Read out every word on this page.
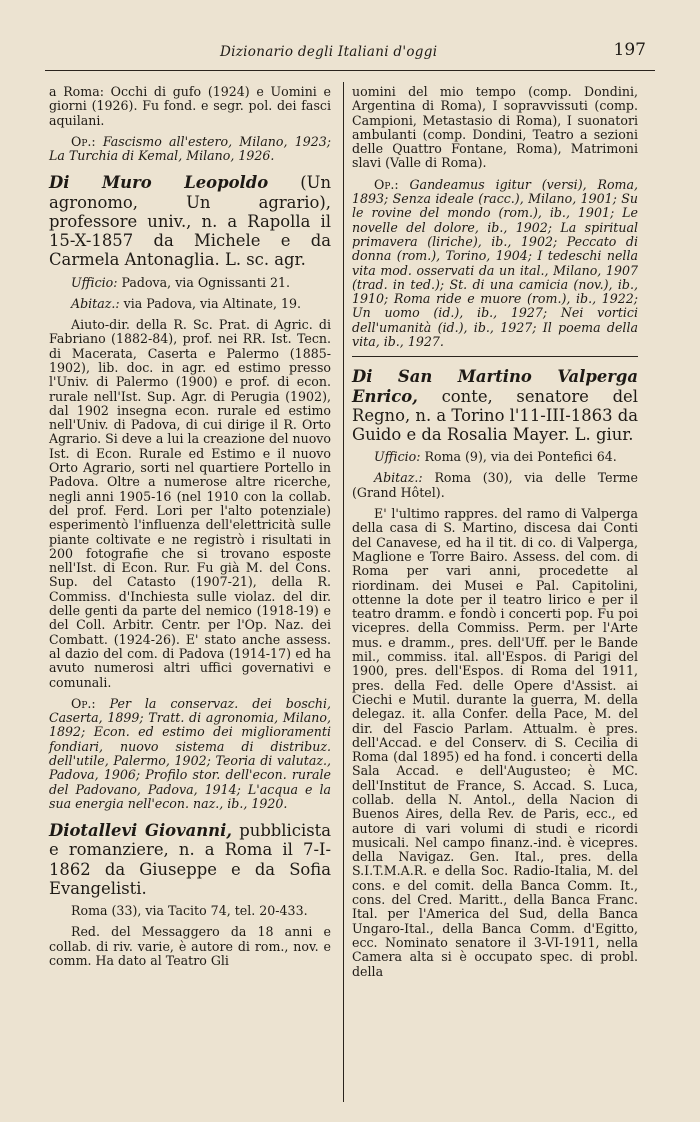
Dizionario degli Italiani d'oggi	197

a Roma: Occhi di gufo (1924) e Uomini e giorni (1926). Fu fond. e segr. pol. dei fasci aquilani.

Op.: Fascismo all'estero, Milano, 1923; La Turchia di Kemal, Milano, 1926.

Di Muro Leopoldo (Un agronomo, Un agrario), professore univ., n. a Rapolla il 15-X-1857 da Michele e da Carmela Antonaglia. L. sc. agr.

Ufficio: Padova, via Ognissanti 21.

Abitaz.: via Padova, via Altinate, 19.

Aiuto-dir. della R. Sc. Prat. di Agric. di Fabriano (1882-84), prof. nei RR. Ist. Tecn. di Macerata, Caserta e Palermo (1885-1902), lib. doc. in agr. ed estimo presso l'Univ. di Palermo (1900) e prof. di econ. rurale nell'Ist. Sup. Agr. di Perugia (1902), dal 1902 insegna econ. rurale ed estimo nell'Univ. di Padova, di cui dirige il R. Orto Agrario. Si deve a lui la creazione del nuovo Ist. di Econ. Rurale ed Estimo e il nuovo Orto Agrario, sorti nel quartiere Portello in Padova. Oltre a numerose altre ricerche, negli anni 1905-16 (nel 1910 con la collab. del prof. Ferd. Lori per l'alto potenziale) esperimentò l'influenza dell'elettricità sulle piante coltivate e ne registrò i risultati in 200 fotografie che si trovano esposte nell'Ist. di Econ. Rur. Fu già M. del Cons. Sup. del Catasto (1907-21), della R. Commiss. d'Inchiesta sulle violaz. del dir. delle genti da parte del nemico (1918-19) e del Coll. Arbitr. Centr. per l'Op. Naz. dei Combatt. (1924-26). E' stato anche assess. al dazio del com. di Padova (1914-17) ed ha avuto numerosi altri uffici governativi e comunali.

Op.: Per la conservaz. dei boschi, Caserta, 1899; Tratt. di agronomia, Milano, 1892; Econ. ed estimo dei miglioramenti fondiari, nuovo sistema di distribuz. dell'utile, Palermo, 1902; Teoria di valutaz., Padova, 1906; Profilo stor. dell'econ. rurale del Padovano, Padova, 1914; L'acqua e la sua energia nell'econ. naz., ib., 1920.

Diotallevi Giovanni, pubblicista e romanziere, n. a Roma il 7-I-1862 da Giuseppe e da Sofia Evangelisti.

Roma (33), via Tacito 74, tel. 20-433.

Red. del Messaggero da 18 anni e collab. di riv. varie, è autore di rom., nov. e comm. Ha dato al Teatro Gli

uomini del mio tempo (comp. Dondini, Argentina di Roma), I sopravvissuti (comp. Campioni, Metastasio di Roma), I suonatori ambulanti (comp. Dondini, Teatro a sezioni delle Quattro Fontane, Roma), Matrimoni slavi (Valle di Roma).

Op.: Gandeamus igitur (versi), Roma, 1893; Senza ideale (racc.), Milano, 1901; Su le rovine del mondo (rom.), ib., 1901; Le novelle del dolore, ib., 1902; La spiritual primavera (liriche), ib., 1902; Peccato di donna (rom.), Torino, 1904; I tedeschi nella vita mod. osservati da un ital., Milano, 1907 (trad. in ted.); St. di una camicia (nov.), ib., 1910; Roma ride e muore (rom.), ib., 1922; Un uomo (id.), ib., 1927; Nei vortici dell'umanità (id.), ib., 1927; Il poema della vita, ib., 1927.

Di San Martino Valperga Enrico, conte, senatore del Regno, n. a Torino l'11-III-1863 da Guido e da Rosalia Mayer. L. giur.

Ufficio: Roma (9), via dei Pontefici 64.

Abitaz.: Roma (30), via delle Terme (Grand Hôtel).

E' l'ultimo rappres. del ramo di Valperga della casa di S. Martino, discesa dai Conti del Canavese, ed ha il tit. di co. di Valperga, Maglione e Torre Bairo. Assess. del com. di Roma per vari anni, procedette al riordinam. dei Musei e Pal. Capitolini, ottenne la dote per il teatro lirico e per il teatro dramm. e fondò i concerti pop. Fu poi vicepres. della Commiss. Perm. per l'Arte mus. e dramm., pres. dell'Uff. per le Bande mil., commiss. ital. all'Espos. di Parigi del 1900, pres. dell'Espos. di Roma del 1911, pres. della Fed. delle Opere d'Assist. ai Ciechi e Mutil. durante la guerra, M. della delegaz. it. alla Confer. della Pace, M. del dir. del Fascio Parlam. Attualm. è pres. dell'Accad. e del Conserv. di S. Cecilia di Roma (dal 1895) ed ha fond. i concerti della Sala Accad. e dell'Augusteo; è MC. dell'Institut de France, S. Accad. S. Luca, collab. della N. Antol., della Nacion di Buenos Aires, della Rev. de Paris, ecc., ed autore di vari volumi di studi e ricordi musicali. Nel campo finanz.-ind. è vicepres. della Navigaz. Gen. Ital., pres. della S.I.T.M.A.R. e della Soc. Radio-Italia, M. del cons. e del comit. della Banca Comm. It., cons. del Cred. Maritt., della Banca Franc. Ital. per l'America del Sud, della Banca Ungaro-Ital., della Banca Comm. d'Egitto, ecc. Nominato senatore il 3-VI-1911, nella Camera alta si è occupato spec. di probl. della
